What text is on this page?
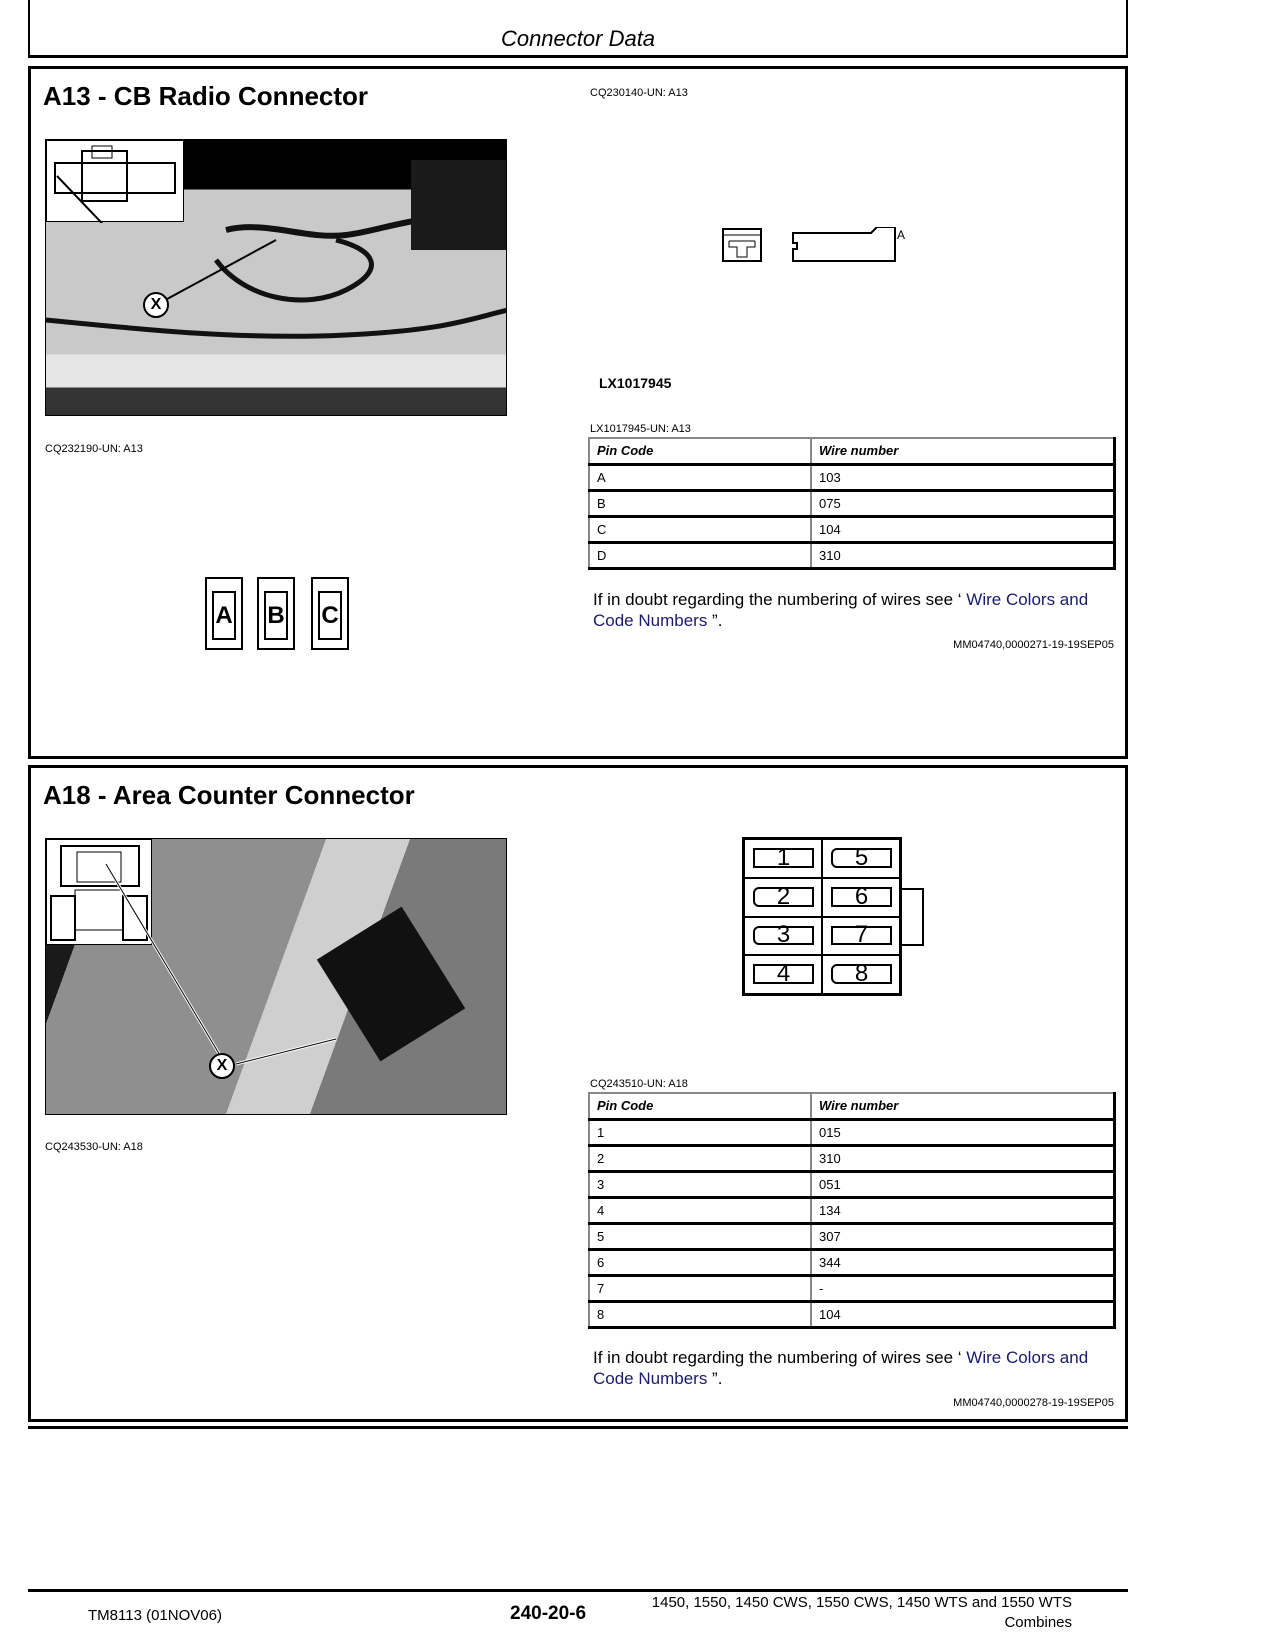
Connector Data
A13 - CB Radio Connector	CQ230140-UN: A13
X
CQ232190-UN: A13
A
A B C
LX1017945
LX1017945-UN: A13
Pin Code	Wire number
A	103
B	075
C	104
D	310
If in doubt regarding the numbering of wires see ‘ Wire Colors and Code Numbers ”.
MM04740,0000271-19-19SEP05
A18 - Area Counter Connector
X
CQ243530-UN: A18
1	5
2	6
3	7
4	8
CQ243510-UN: A18
Pin Code	Wire number
1	015
2	310
3	051
4	134
5	307
6	344
7	-
8	104
If in doubt regarding the numbering of wires see ‘ Wire Colors and Code Numbers ”.
MM04740,0000278-19-19SEP05
TM8113 (01NOV06)	240-20-6
1450, 1550, 1450 CWS, 1550 CWS, 1450 WTS and 1550 WTS Combines
